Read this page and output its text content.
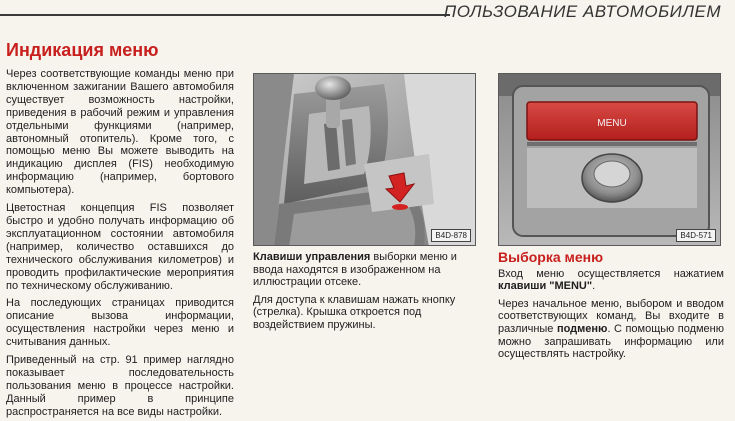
ПОЛЬЗОВАНИЕ АВТОМОБИЛЕМ
Индикация меню

Через соответствующие команды меню при включенном зажигании Вашего автомобиля существует возможность настройки, приведения в рабочий режим и управления отдельными функциями (например, автономный отопитель). Кроме того, с помощью меню Вы можете выводить на индикацию дисплея (FIS) необходимую информацию (например, бортового компьютера).

Цветостная концепция FIS позволяет быстро и удобно получать информацию об эксплуатационном состоянии автомобиля (например, количество оставшихся до технического обслуживания километров) и проводить профилактические мероприятия по техническому обслуживанию.

На последующих страницах приводится описание вызова информации, осуществления настройки через меню и считывания данных.

Приведенный на стр. 91 пример наглядно показывает последовательность пользования меню в процессе настройки. Данный пример в принципе распространяется на все виды настройки.

B4D-878
MENU
B4D-571

Клавиши управления выборки меню и ввода находятся в изображенном на иллюстрации отсеке.

Для доступа к клавишам нажать кнопку (стрелка). Крышка откроется под воздействием пружины.

Выборка меню

Вход меню осуществляется нажатием клавиши "MENU".

Через начальное меню, выбором и вводом соответствующих команд, Вы входите в различные подменю. С помощью подменю можно запрашивать информацию или осуществлять настройку.
